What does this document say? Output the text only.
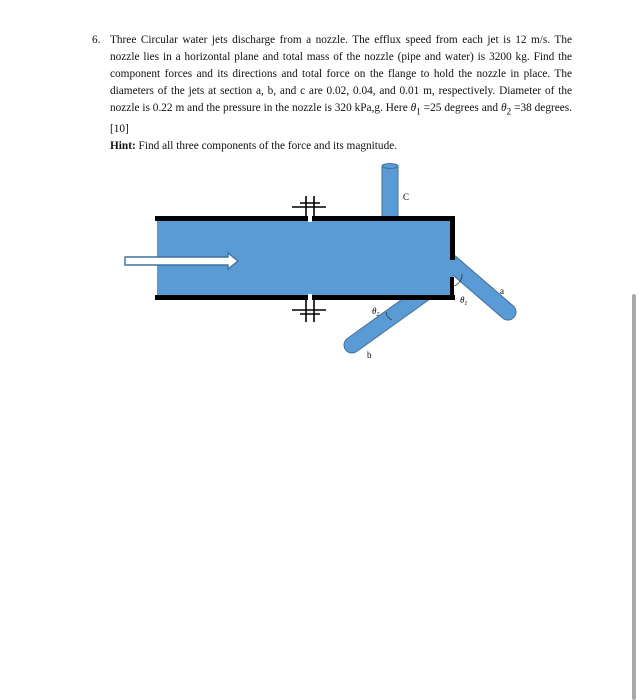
6. Three Circular water jets discharge from a nozzle. The efflux speed from each jet is 12 m/s. The nozzle lies in a horizontal plane and total mass of the nozzle (pipe and water) is 3200 kg. Find the component forces and its directions and total force on the flange to hold the nozzle in place. The diameters of the jets at section a, b, and c are 0.02, 0.04, and 0.01 m, respectively. Diameter of the nozzle is 0.22 m and the pressure in the nozzle is 320 kPa,g. Here $\theta_1 =25$ degrees and $\theta_2 =38$ degrees. [10]
Hint: Find all three components of the force and its magnitude.
C
a
b
$\theta_1$
$\theta_2$
